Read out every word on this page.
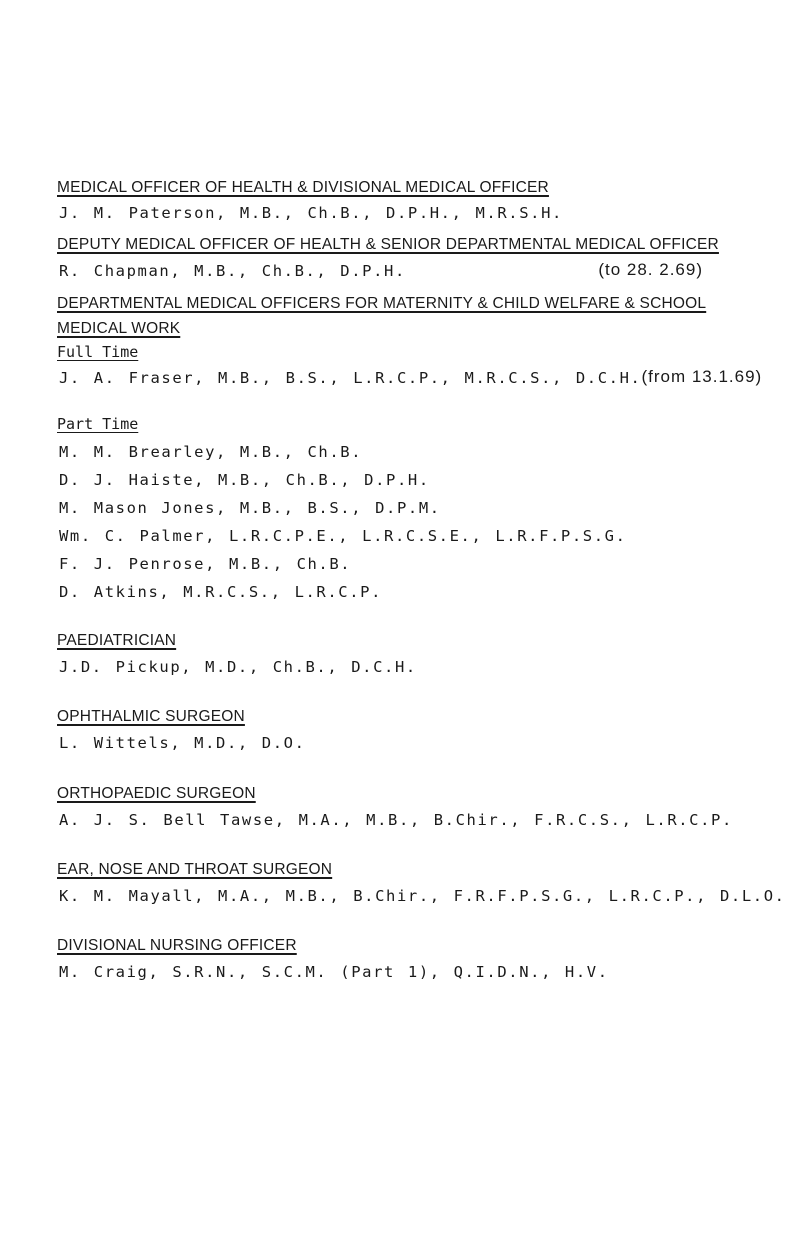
MEDICAL OFFICER OF HEALTH & DIVISIONAL MEDICAL OFFICER

J. M. Paterson, M.B., Ch.B., D.P.H., M.R.S.H.

DEPUTY MEDICAL OFFICER OF HEALTH & SENIOR DEPARTMENTAL MEDICAL OFFICER
R. Chapman, M.B., Ch.B., D.P.H.	(to 28. 2.69)
DEPARTMENTAL MEDICAL OFFICERS FOR MATERNITY & CHILD WELFARE & SCHOOL
MEDICAL WORK

Full Time

J. A. Fraser, M.B., B.S., L.R.C.P., M.R.C.S., D.C.H. (from 13.1.69)

Part Time

M. M. Brearley, M.B., Ch.B.

D. J. Haiste, M.B., Ch.B., D.P.H.

M. Mason Jones, M.B., B.S., D.P.M.

Wm. C. Palmer, L.R.C.P.E., L.R.C.S.E., L.R.F.P.S.G.

F. J. Penrose, M.B., Ch.B.

D. Atkins, M.R.C.S., L.R.C.P.

PAEDIATRICIAN

J.D. Pickup, M.D., Ch.B., D.C.H.

OPHTHALMIC SURGEON

L. Wittels, M.D., D.O.

ORTHOPAEDIC SURGEON

A. J. S. Bell Tawse, M.A., M.B., B.Chir., F.R.C.S., L.R.C.P.

EAR, NOSE AND THROAT SURGEON

K. M. Mayall, M.A., M.B., B.Chir., F.R.F.P.S.G., L.R.C.P., D.L.O.

DIVISIONAL NURSING OFFICER

M. Craig, S.R.N., S.C.M. (Part 1), Q.I.D.N., H.V.
